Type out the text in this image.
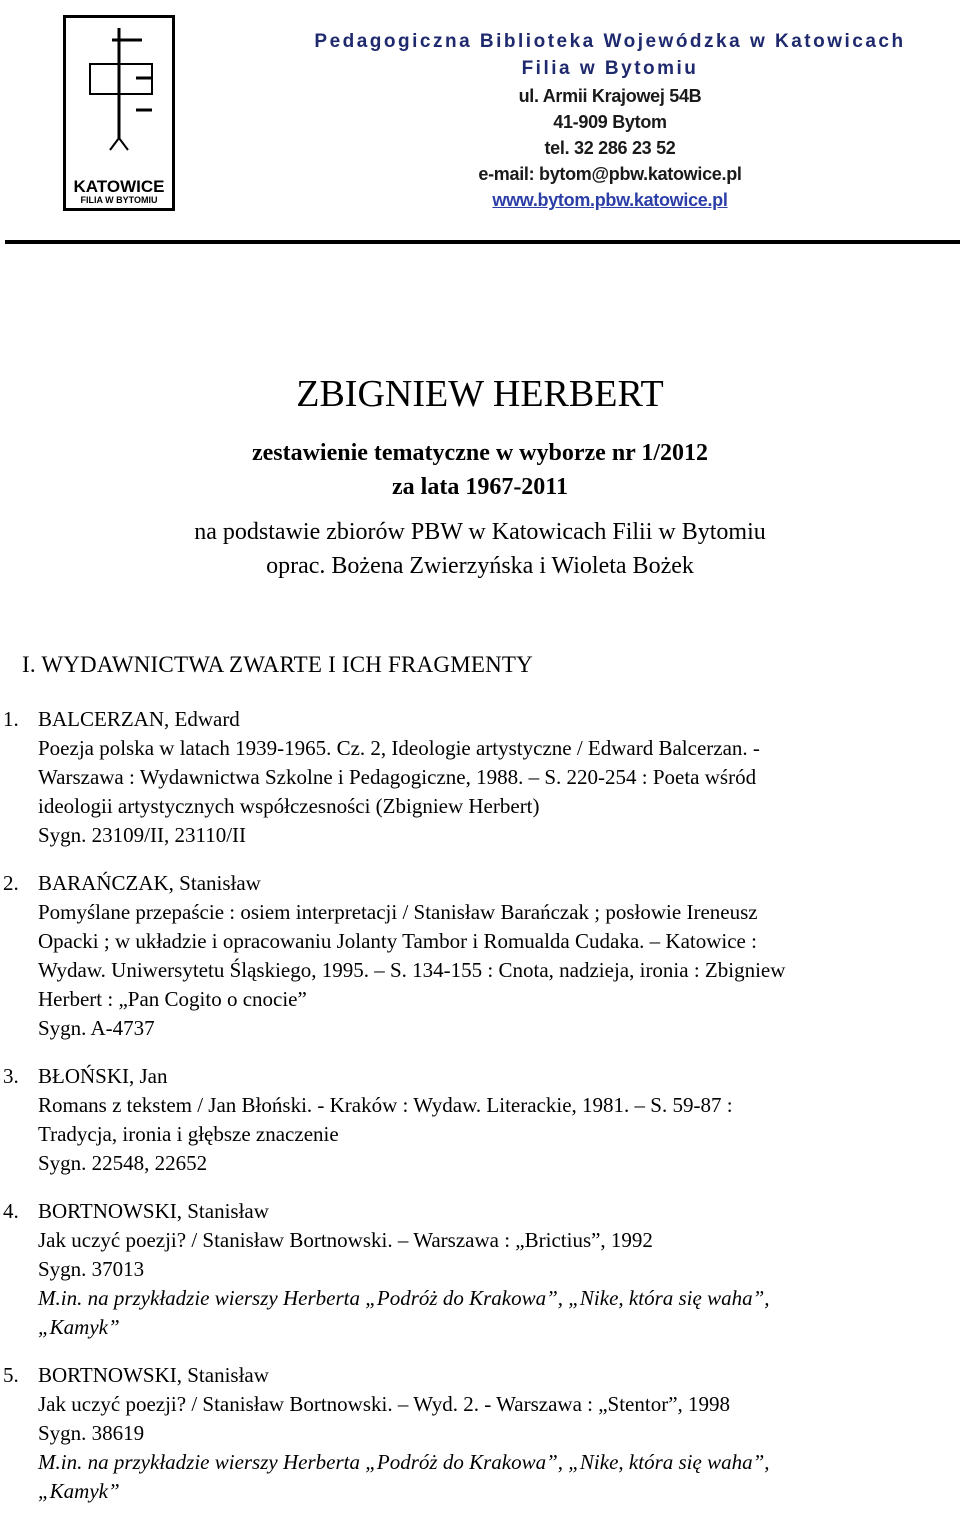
KATOWICE
FILIA W BYTOMIU
Pedagogiczna Biblioteka Wojewódzka w Katowicach
Filia w Bytomiu
ul. Armii Krajowej 54B
41-909 Bytom
tel. 32 286 23 52
e-mail: bytom@pbw.katowice.pl
www.bytom.pbw.katowice.pl
ZBIGNIEW HERBERT
zestawienie tematyczne w wyborze nr 1/2012
za lata 1967-2011
na podstawie zbiorów PBW w Katowicach Filii w Bytomiu
oprac. Bożena Zwierzyńska i Wioleta Bożek
I. WYDAWNICTWA ZWARTE I ICH FRAGMENTY
1. BALCERZAN, Edward
Poezja polska w latach 1939-1965. Cz. 2, Ideologie artystyczne / Edward Balcerzan. -
Warszawa : Wydawnictwa Szkolne i Pedagogiczne, 1988. – S. 220-254 : Poeta wśród
ideologii artystycznych współczesności (Zbigniew Herbert)
Sygn. 23109/II, 23110/II
2. BARAŃCZAK, Stanisław
Pomyślane przepaście : osiem interpretacji / Stanisław Barańczak ; posłowie Ireneusz
Opacki ; w układzie i opracowaniu Jolanty Tambor i Romualda Cudaka. – Katowice :
Wydaw. Uniwersytetu Śląskiego, 1995. – S. 134-155 : Cnota, nadzieja, ironia : Zbigniew
Herbert : „Pan Cogito o cnocie”
Sygn. A-4737
3. BŁOŃSKI, Jan
Romans z tekstem / Jan Błoński. - Kraków : Wydaw. Literackie, 1981. – S. 59-87 :
Tradycja, ironia i głębsze znaczenie
Sygn. 22548, 22652
4. BORTNOWSKI, Stanisław
Jak uczyć poezji? / Stanisław Bortnowski. – Warszawa : „Brictius”, 1992
Sygn. 37013
M.in. na przykładzie wierszy Herberta „Podróż do Krakowa”, „Nike, która się waha”,
„Kamyk”
5. BORTNOWSKI, Stanisław
Jak uczyć poezji? / Stanisław Bortnowski. – Wyd. 2. - Warszawa : „Stentor”, 1998
Sygn. 38619
M.in. na przykładzie wierszy Herberta „Podróż do Krakowa”, „Nike, która się waha”,
„Kamyk”
